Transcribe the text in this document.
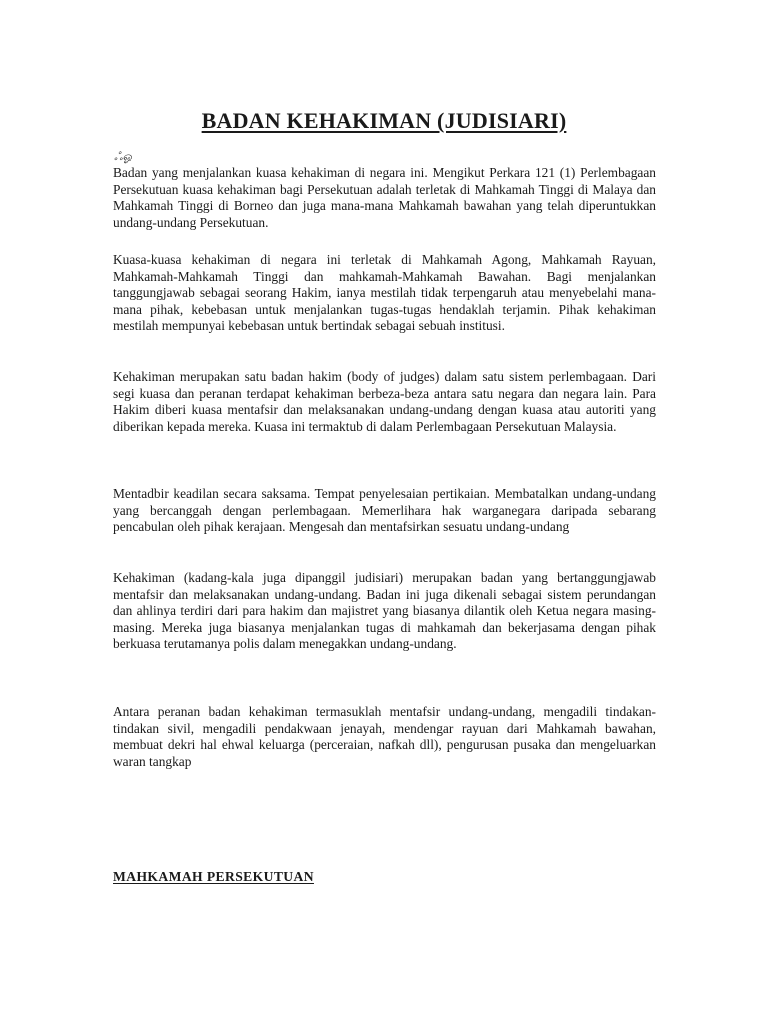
BADAN KEHAKIMAN (JUDISIARI)
ஃஓ

Badan yang menjalankan kuasa kehakiman di negara ini. Mengikut Perkara 121 (1) Perlembagaan Persekutuan kuasa kehakiman bagi Persekutuan adalah terletak di Mahkamah Tinggi di Malaya dan Mahkamah Tinggi di Borneo dan juga mana-mana Mahkamah bawahan yang telah diperuntukkan undang-undang Persekutuan.

Kuasa-kuasa kehakiman di negara ini terletak di Mahkamah Agong, Mahkamah Rayuan, Mahkamah-Mahkamah Tinggi dan mahkamah-Mahkamah Bawahan. Bagi menjalankan tanggungjawab sebagai seorang Hakim, ianya mestilah tidak terpengaruh atau menyebelahi mana-mana pihak, kebebasan untuk menjalankan tugas-tugas hendaklah terjamin. Pihak kehakiman mestilah mempunyai kebebasan untuk bertindak sebagai sebuah institusi.

Kehakiman merupakan satu badan hakim (body of judges) dalam satu sistem perlembagaan. Dari segi kuasa dan peranan terdapat kehakiman berbeza-beza antara satu negara dan negara lain. Para Hakim diberi kuasa mentafsir dan melaksanakan undang-undang dengan kuasa atau autoriti yang diberikan kepada mereka. Kuasa ini termaktub di dalam Perlembagaan Persekutuan Malaysia.

Mentadbir keadilan secara saksama. Tempat penyelesaian pertikaian. Membatalkan undang-undang yang bercanggah dengan perlembagaan. Memerlihara hak warganegara daripada sebarang pencabulan oleh pihak kerajaan. Mengesah dan mentafsirkan sesuatu undang-undang

Kehakiman (kadang-kala juga dipanggil judisiari) merupakan badan yang bertanggungjawab mentafsir dan melaksanakan undang-undang. Badan ini juga dikenali sebagai sistem perundangan dan ahlinya terdiri dari para hakim dan majistret yang biasanya dilantik oleh Ketua negara masing-masing. Mereka juga biasanya menjalankan tugas di mahkamah dan bekerjasama dengan pihak berkuasa terutamanya polis dalam menegakkan undang-undang.

Antara peranan badan kehakiman termasuklah mentafsir undang-undang, mengadili tindakan-tindakan sivil, mengadili pendakwaan jenayah, mendengar rayuan dari Mahkamah bawahan, membuat dekri hal ehwal keluarga (perceraian, nafkah dll), pengurusan pusaka dan mengeluarkan waran tangkap

MAHKAMAH PERSEKUTUAN
